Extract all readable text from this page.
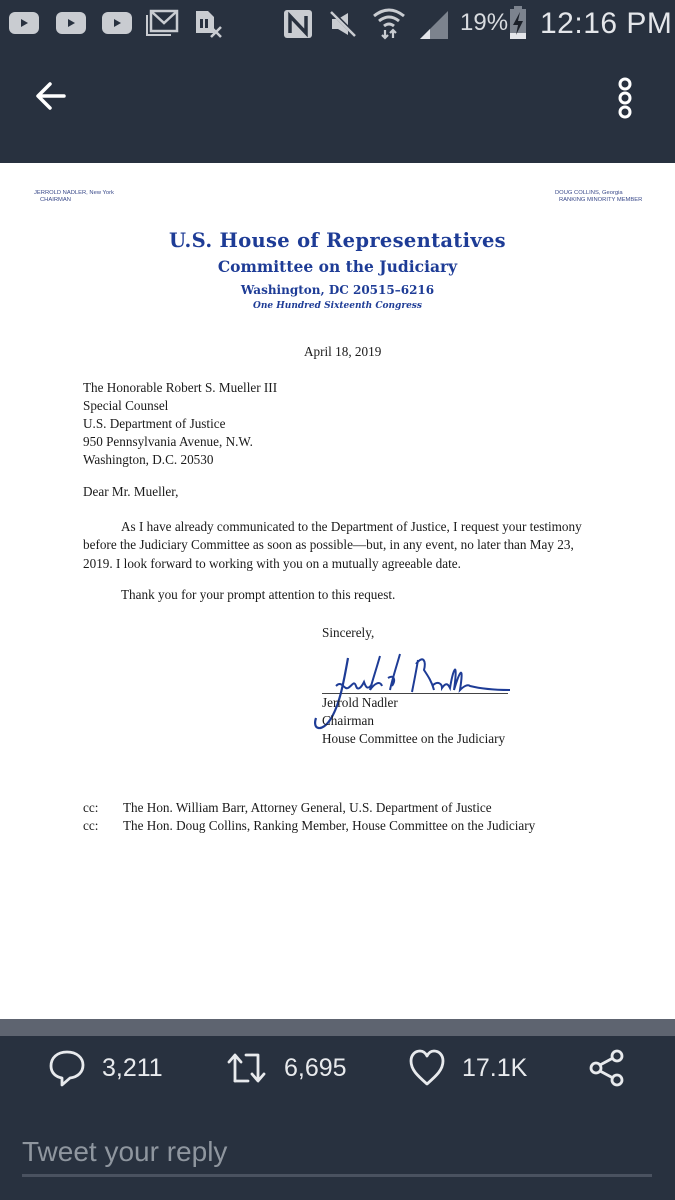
19% 12:16 PM
JERROLD NADLER, New York
CHAIRMAN
DOUG COLLINS, Georgia
RANKING MINORITY MEMBER
U.S. House of Representatives
Committee on the Judiciary
Washington, DC 20515–6216
One Hundred Sixteenth Congress
April 18, 2019
The Honorable Robert S. Mueller III
Special Counsel
U.S. Department of Justice
950 Pennsylvania Avenue, N.W.
Washington, D.C. 20530
Dear Mr. Mueller,
As I have already communicated to the Department of Justice, I request your testimony before the Judiciary Committee as soon as possible—but, in any event, no later than May 23, 2019. I look forward to working with you on a mutually agreeable date.
Thank you for your prompt attention to this request.
Sincerely,
Jerrold Nadler
Chairman
House Committee on the Judiciary
cc: The Hon. William Barr, Attorney General, U.S. Department of Justice
cc: The Hon. Doug Collins, Ranking Member, House Committee on the Judiciary
3,211	6,695	17.1K
Tweet your reply
